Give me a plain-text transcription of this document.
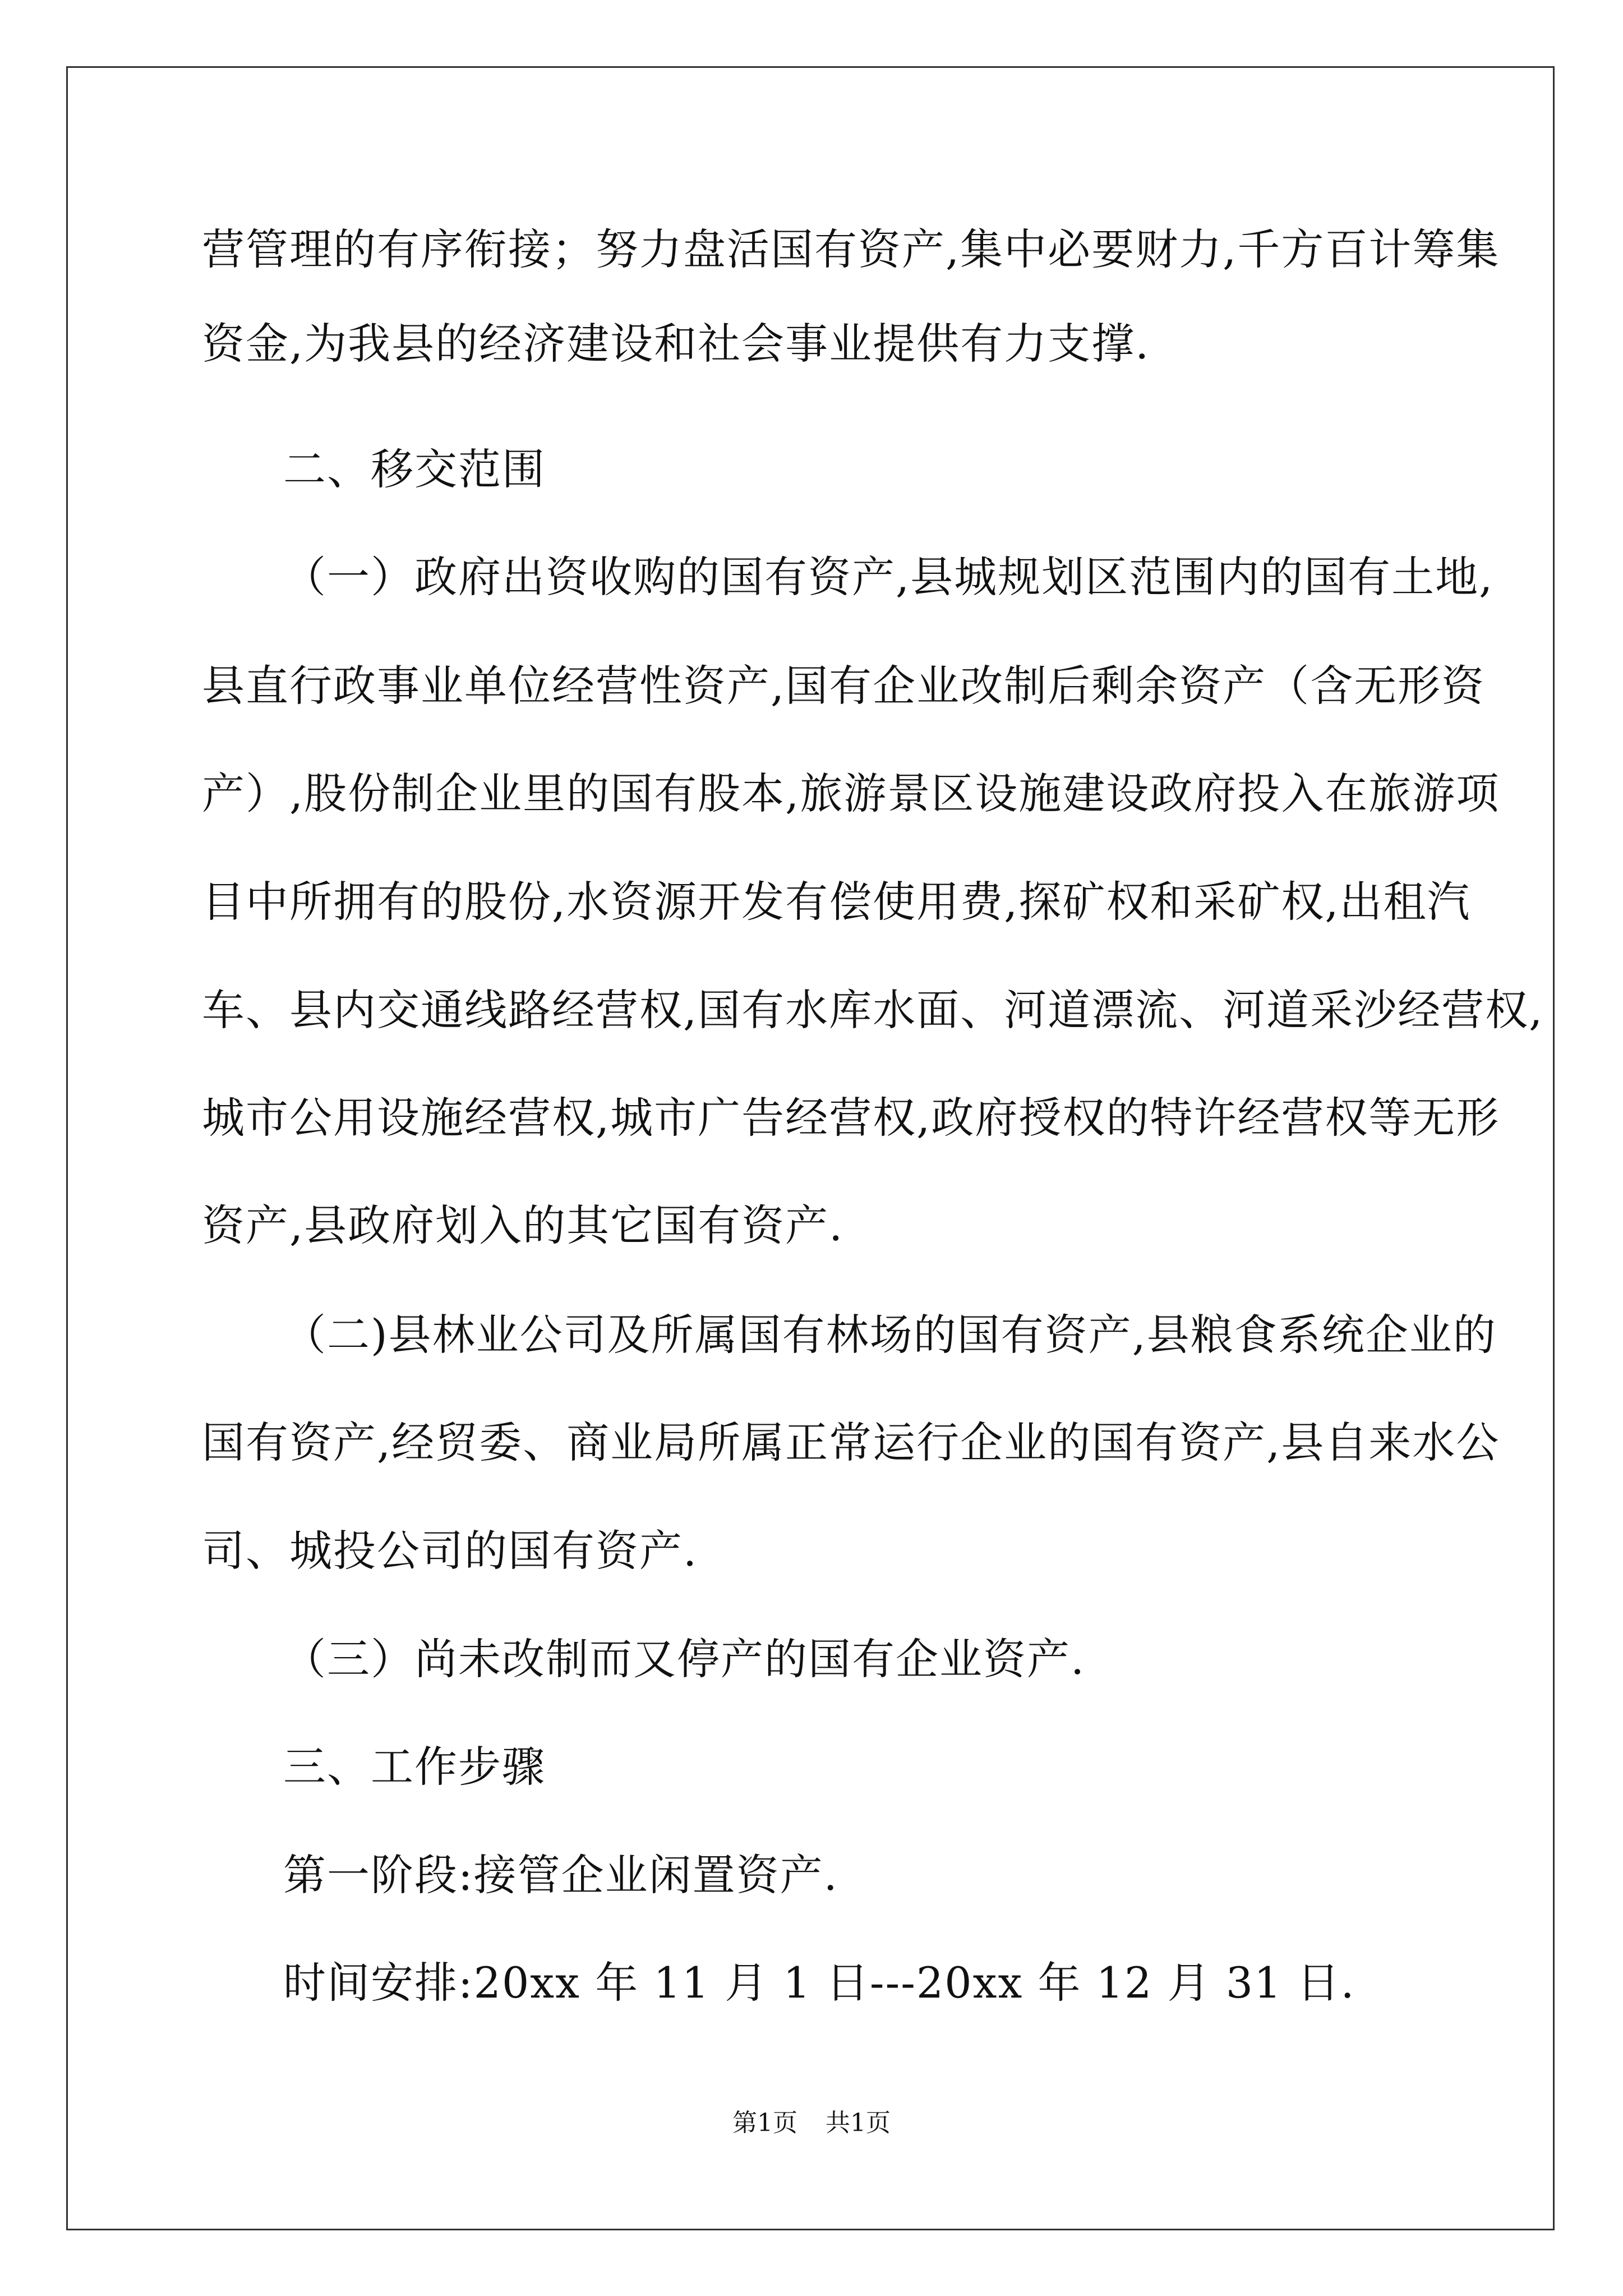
营管理的有序衔接；努力盘活国有资产,集中必要财力,千方百计筹集
资金,为我县的经济建设和社会事业提供有力支撑.
二、移交范围
（一）政府出资收购的国有资产,县城规划区范围内的国有土地,
县直行政事业单位经营性资产,国有企业改制后剩余资产（含无形资
产）,股份制企业里的国有股本,旅游景区设施建设政府投入在旅游项
目中所拥有的股份,水资源开发有偿使用费,探矿权和采矿权,出租汽
车、县内交通线路经营权,国有水库水面、河道漂流、河道采沙经营权,
城市公用设施经营权,城市广告经营权,政府授权的特许经营权等无形
资产,县政府划入的其它国有资产.
（二)县林业公司及所属国有林场的国有资产,县粮食系统企业的
国有资产,经贸委、商业局所属正常运行企业的国有资产,县自来水公
司、城投公司的国有资产.
（三）尚未改制而又停产的国有企业资产.
三、工作步骤
第一阶段:接管企业闲置资产.
时间安排:20xx 年 11 月 1 日---20xx 年 12 月 31 日.
第1页 共1页
